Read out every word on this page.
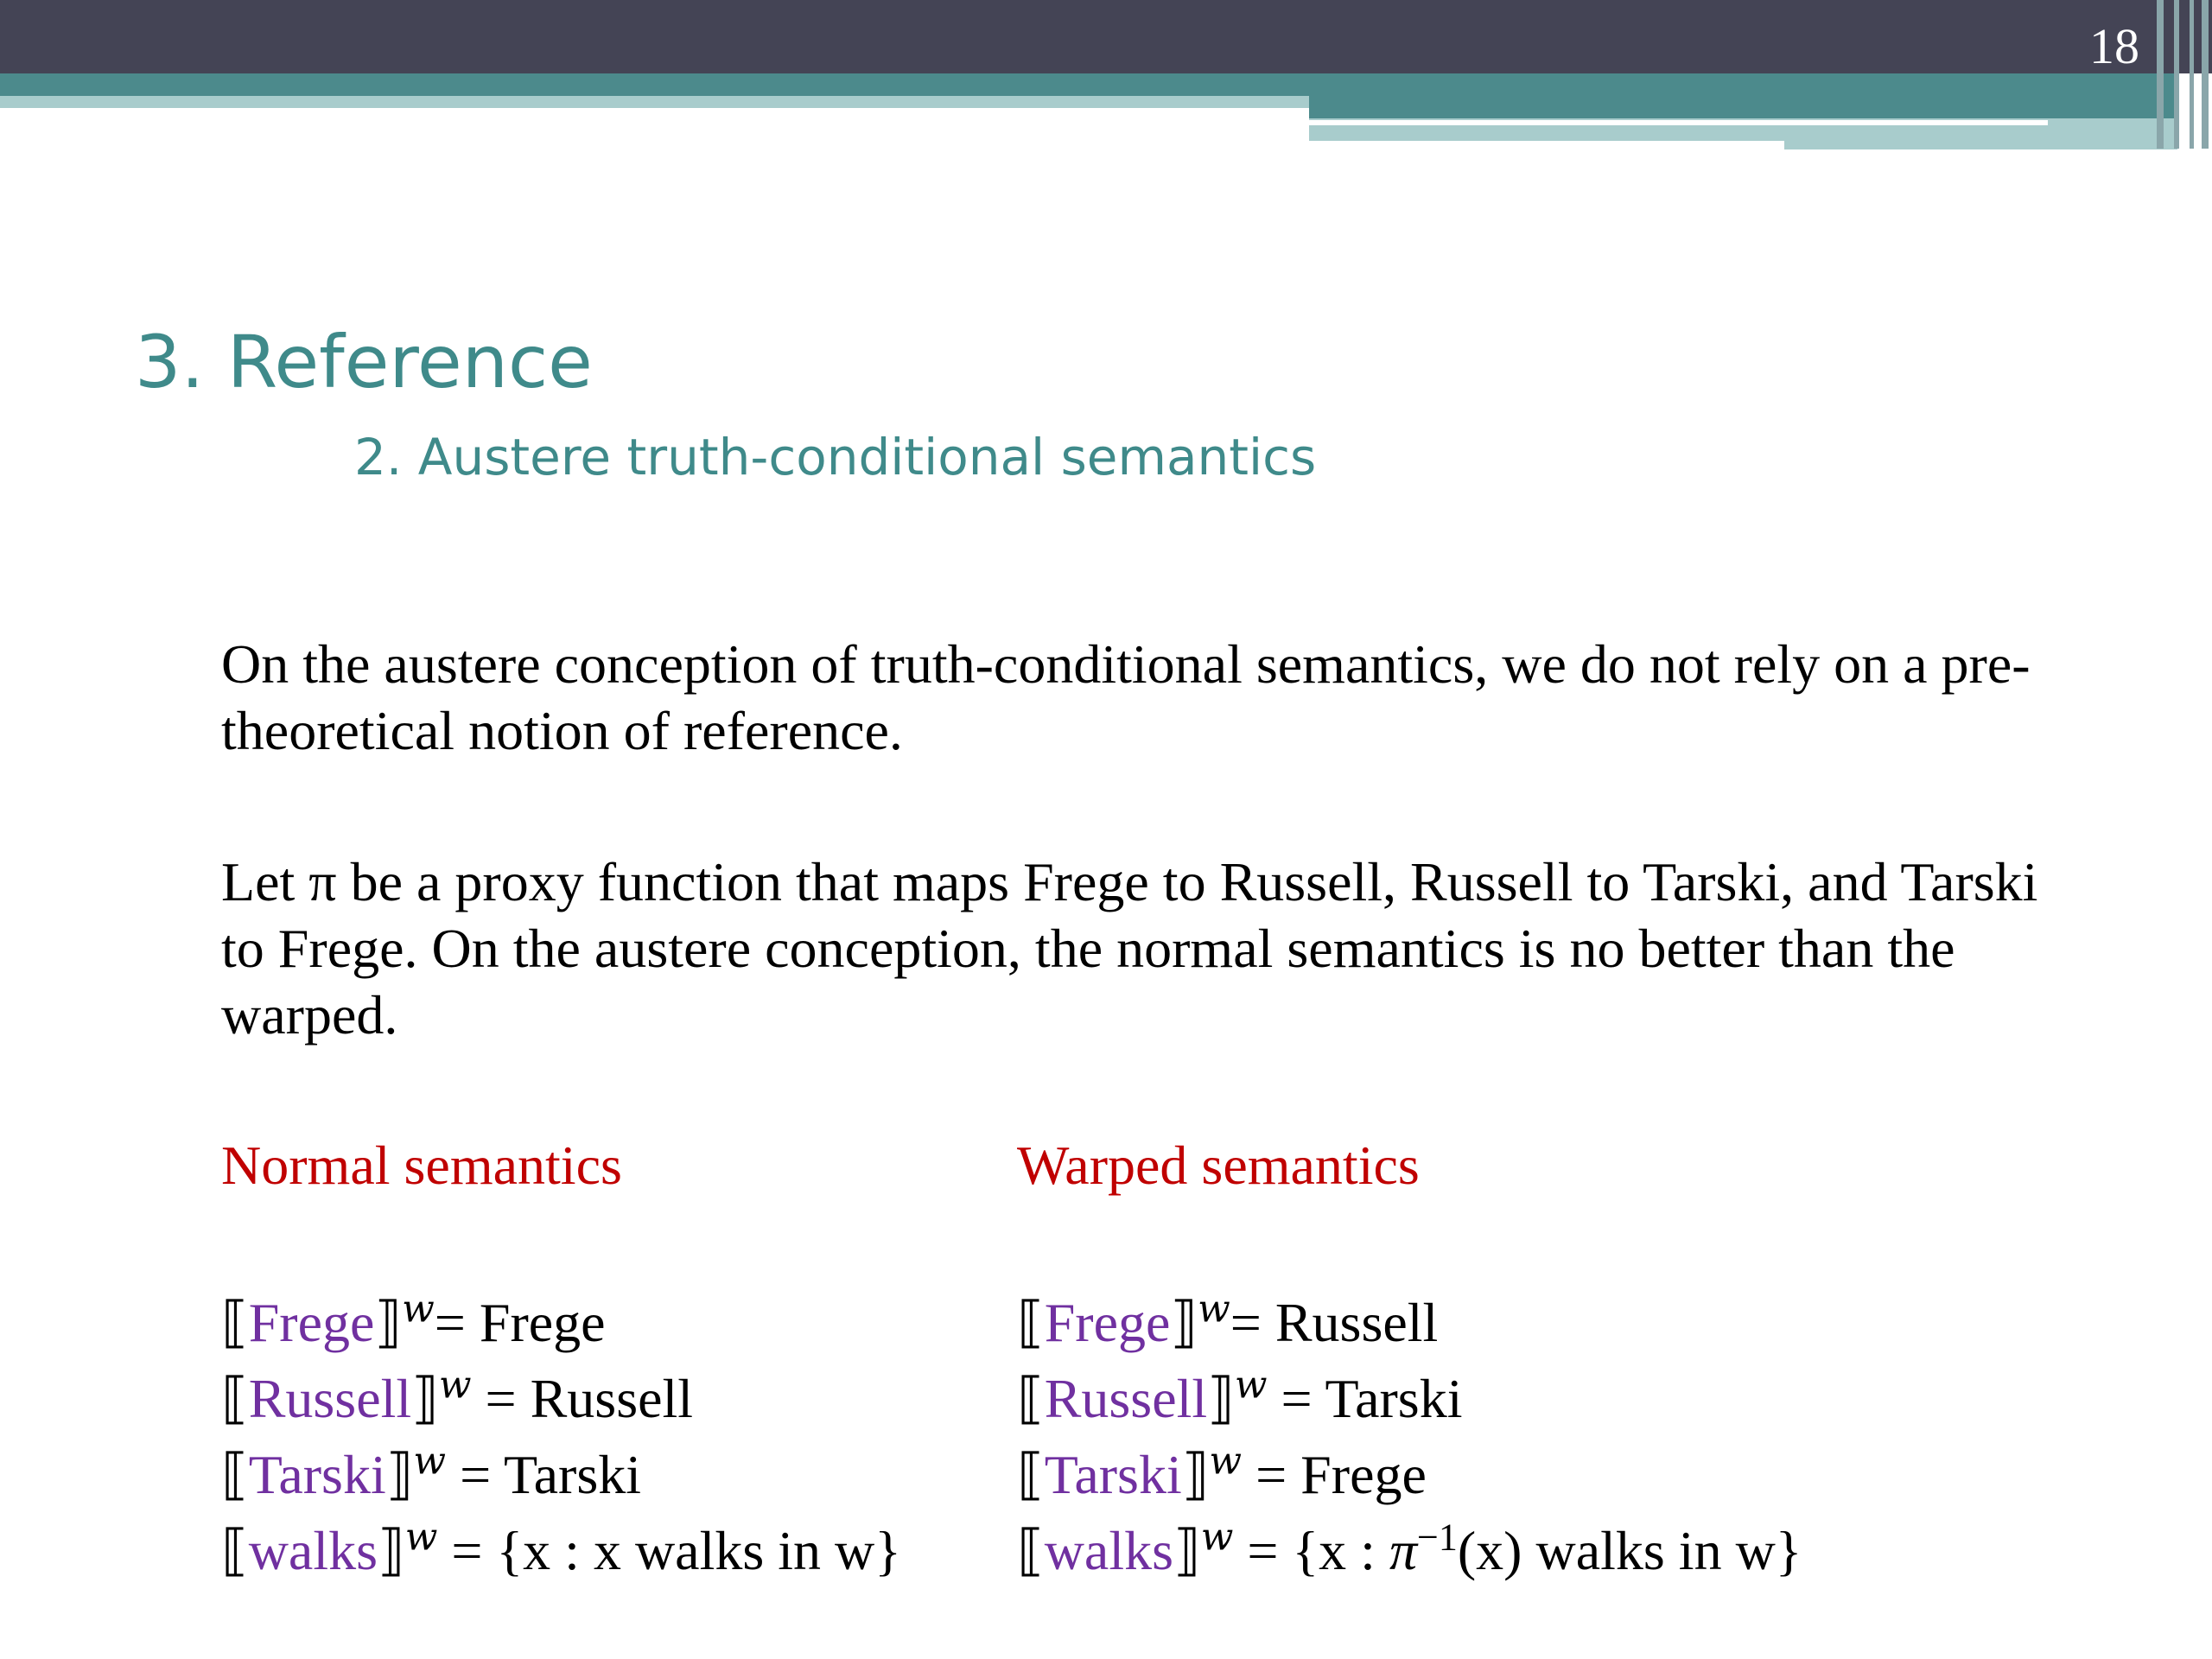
18
3. Reference
2. Austere truth-conditional semantics

On the austere conception of truth-conditional semantics, we do not rely on a pre-theoretical notion of reference.

Let π be a proxy function that maps Frege to Russell, Russell to Tarski, and Tarski to Frege. On the austere conception, the normal semantics is no better than the warped.

Normal semantics	Warped semantics
⟦Frege⟧$^w$= Frege
⟦Russell⟧$^w$ = Russell
⟦Tarski⟧$^w$ = Tarski
⟦walks⟧$^w$ = {x : x walks in w}
⟦Frege⟧$^w$= Russell
⟦Russell⟧$^w$ = Tarski
⟦Tarski⟧$^w$ = Frege
⟦walks⟧$^w$ = {x : $\pi^{-1}(x)$ walks in w}
